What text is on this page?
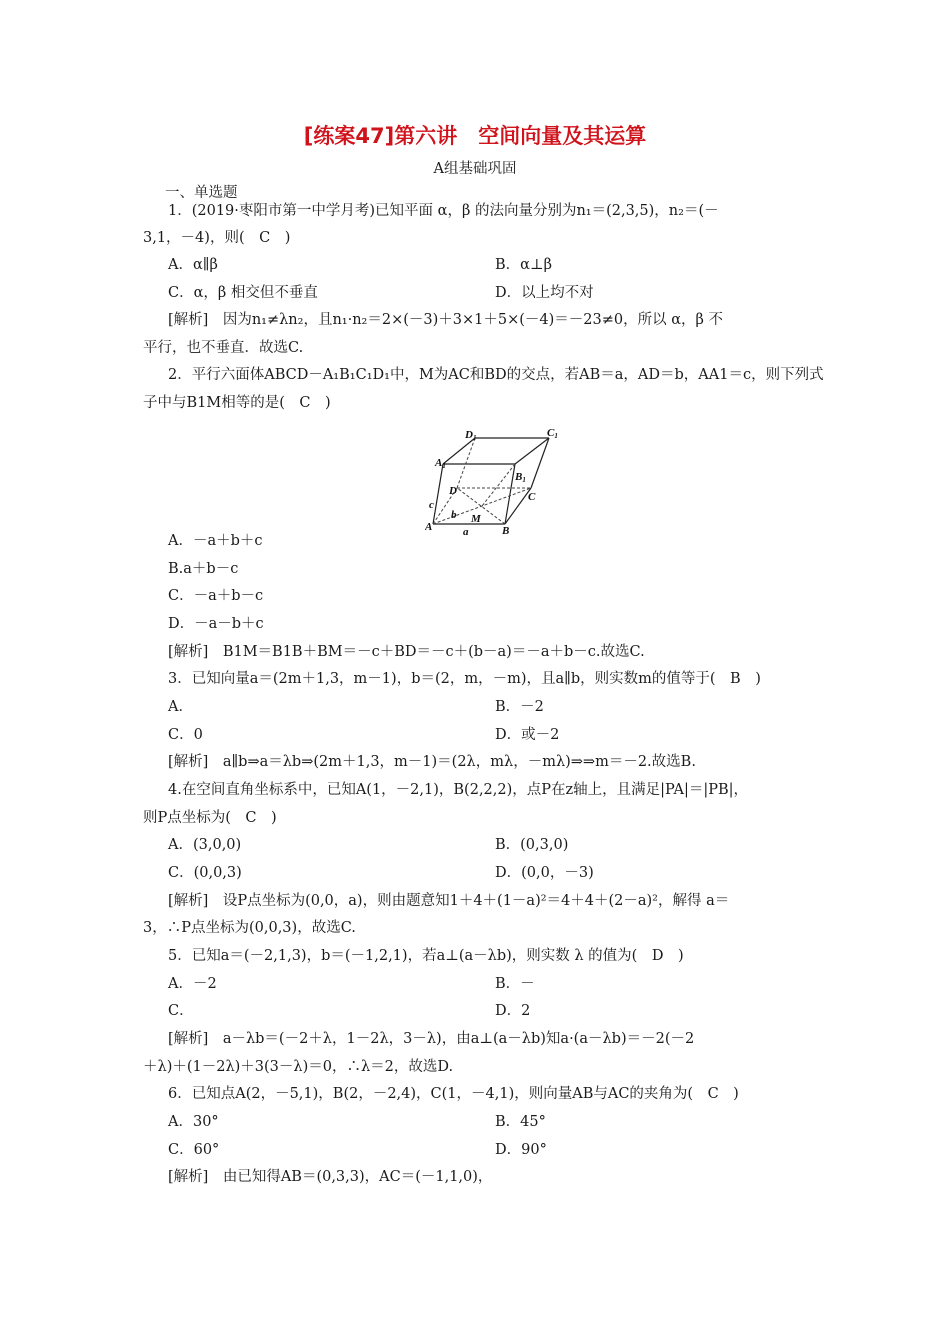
[练案47]第六讲　空间向量及其运算
A组基础巩固
一、单选题
1．(2019·枣阳市第一中学月考)已知平面 α，β 的法向量分别为n₁＝(2,3,5)，n₂＝(－
3,1，－4)，则(　C　)
A．α∥β	B．α⊥β
C．α，β 相交但不垂直	D．以上均不对
[解析]　因为n₁≠λn₂，且n₁·n₂＝2×(－3)＋3×1＋5×(－4)＝－23≠0，所以 α，β 不
平行，也不垂直．故选C.
2．平行六面体ABCD－A₁B₁C₁D₁中，M为AC和BD的交点，若AB＝a，AD＝b，AA1＝c，则下列式
子中与B1M相等的是(　C　)
A．－a＋b＋c
B.a＋b－c
C．－a＋b－c
D．－a－b＋c
[解析]　B1M＝B1B＋BM＝－c＋BD＝－c＋(b－a)＝－a＋b－c.故选C.
3．已知向量a＝(2m＋1,3，m－1)，b＝(2，m，－m)，且a∥b，则实数m的值等于(　B　)
A．	B．－2
C．0	D．或－2
[解析]　a∥b⇒a＝λb⇒(2m＋1,3，m－1)＝(2λ，mλ，－mλ)⇒⇒m＝－2.故选B.
4.在空间直角坐标系中，已知A(1，－2,1)，B(2,2,2)，点P在z轴上，且满足|PA|＝|PB|，
则P点坐标为(　C　)
A．(3,0,0)	B．(0,3,0)
C．(0,0,3)	D．(0,0，－3)
[解析]　设P点坐标为(0,0，a)，则由题意知1＋4＋(1－a)²＝4＋4＋(2－a)²，解得 a＝
3，∴P点坐标为(0,0,3)，故选C.
5．已知a＝(－2,1,3)，b＝(－1,2,1)，若a⊥(a－λb)，则实数 λ 的值为(　D　)
A．－2	B．－
C．	D．2
[解析]　a－λb＝(－2＋λ，1－2λ，3－λ)，由a⊥(a－λb)知a·(a－λb)＝－2(－2
＋λ)＋(1－2λ)＋3(3－λ)＝0，∴λ＝2，故选D.
6．已知点A(2，－5,1)，B(2，－2,4)，C(1，－4,1)，则向量AB与AC的夹角为(　C　)
A．30°	B．45°
C．60°	D．90°
[解析]　由已知得AB＝(0,3,3)，AC＝(－1,1,0)，
D1	C1
A1
B1
D	C
A	B
M
a
b
c
